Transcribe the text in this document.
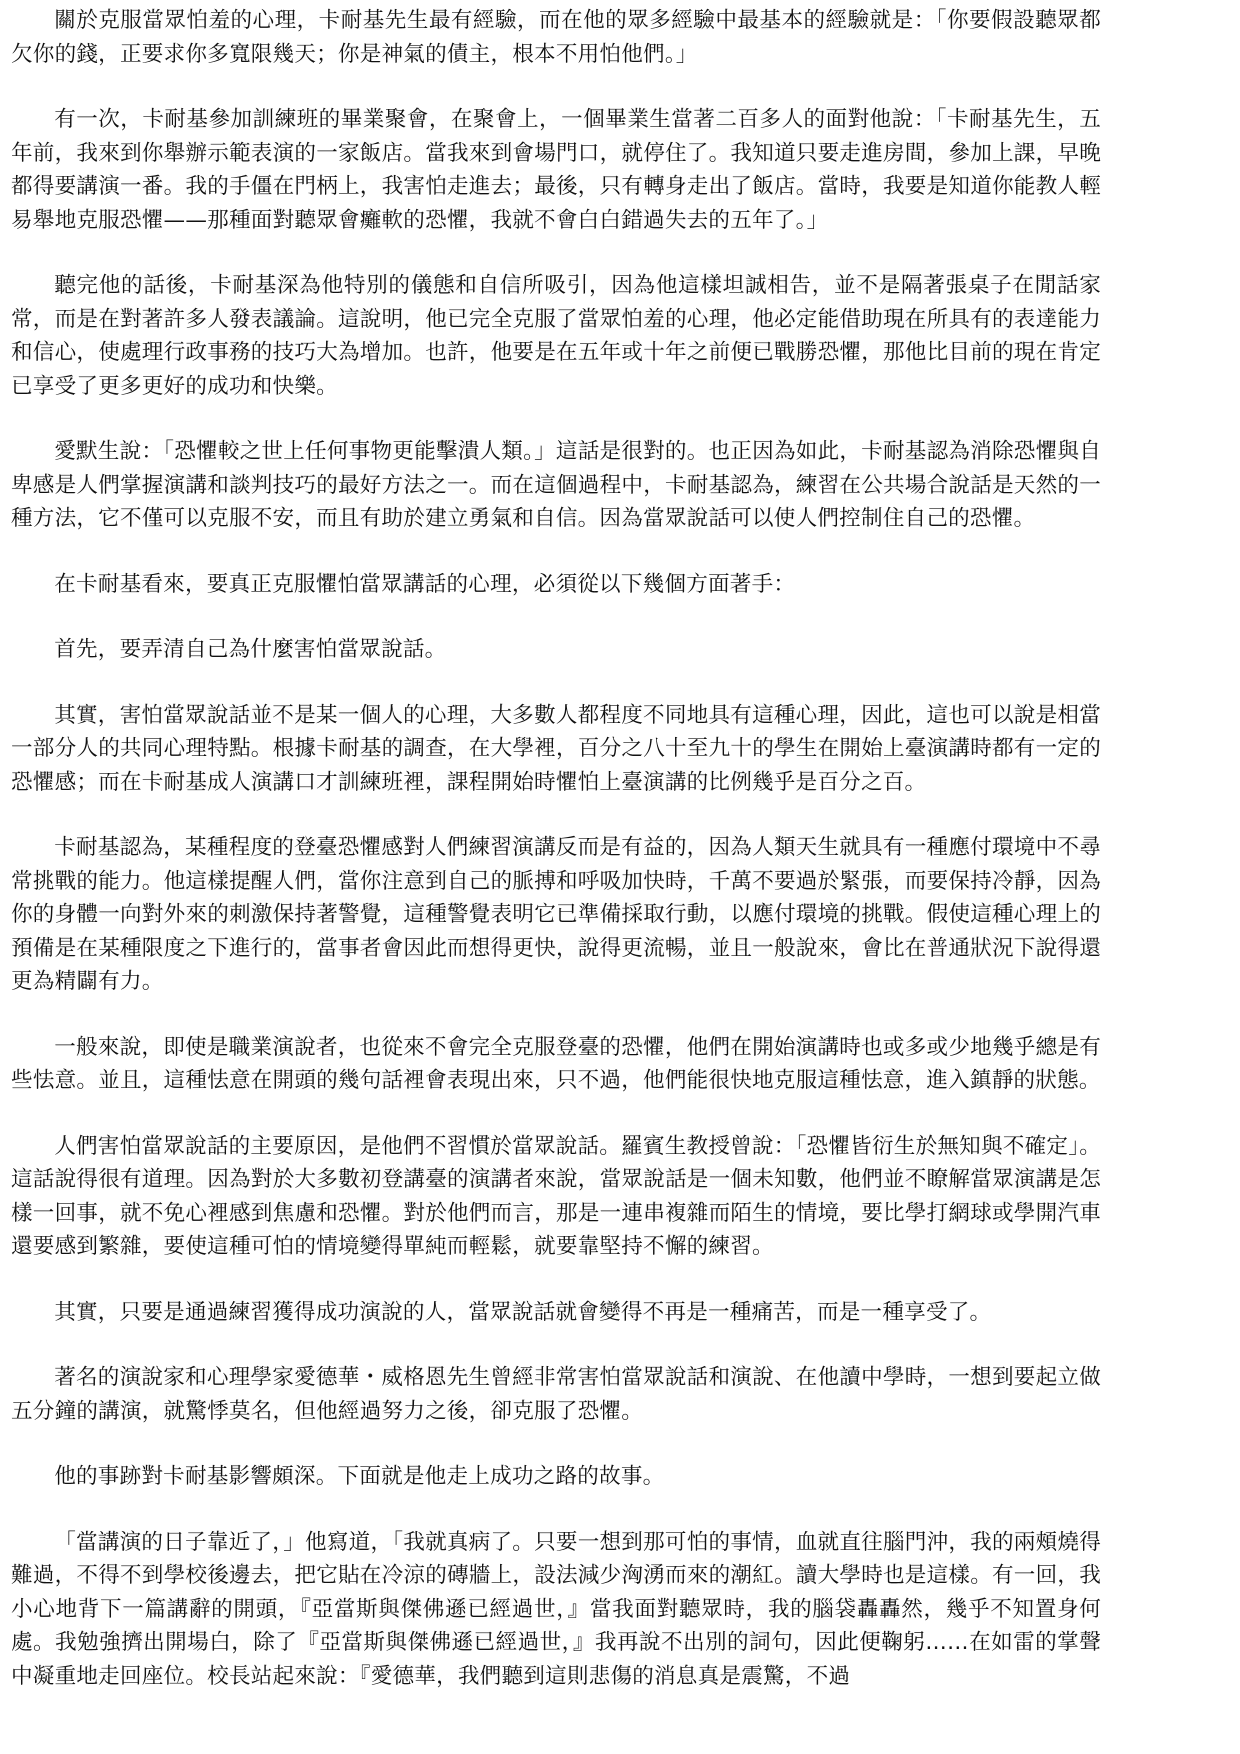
關於克服當眾怕羞的心理，卡耐基先生最有經驗，而在他的眾多經驗中最基本的經驗就是：「你要假設聽眾都欠你的錢，正要求你多寬限幾天；你是神氣的債主，根本不用怕他們。」

有一次，卡耐基參加訓練班的畢業聚會，在聚會上，一個畢業生當著二百多人的面對他說：「卡耐基先生，五年前，我來到你舉辦示範表演的一家飯店。當我來到會場門口，就停住了。我知道只要走進房間，參加上課，早晚都得要講演一番。我的手僵在門柄上，我害怕走進去；最後，只有轉身走出了飯店。當時，我要是知道你能教人輕易舉地克服恐懼——那種面對聽眾會癱軟的恐懼，我就不會白白錯過失去的五年了。」

聽完他的話後，卡耐基深為他特別的儀態和自信所吸引，因為他這樣坦誠相告，並不是隔著張桌子在閒話家常，而是在對著許多人發表議論。這說明，他已完全克服了當眾怕羞的心理，他必定能借助現在所具有的表達能力和信心，使處理行政事務的技巧大為增加。也許，他要是在五年或十年之前便已戰勝恐懼，那他比目前的現在肯定已享受了更多更好的成功和快樂。

愛默生說：「恐懼較之世上任何事物更能擊潰人類。」這話是很對的。也正因為如此，卡耐基認為消除恐懼與自卑感是人們掌握演講和談判技巧的最好方法之一。而在這個過程中，卡耐基認為，練習在公共場合說話是天然的一種方法，它不僅可以克服不安，而且有助於建立勇氣和自信。因為當眾說話可以使人們控制住自己的恐懼。

在卡耐基看來，要真正克服懼怕當眾講話的心理，必須從以下幾個方面著手：

首先，要弄清自己為什麼害怕當眾說話。

其實，害怕當眾說話並不是某一個人的心理，大多數人都程度不同地具有這種心理，因此，這也可以說是相當一部分人的共同心理特點。根據卡耐基的調查，在大學裡，百分之八十至九十的學生在開始上臺演講時都有一定的恐懼感；而在卡耐基成人演講口才訓練班裡，課程開始時懼怕上臺演講的比例幾乎是百分之百。

卡耐基認為，某種程度的登臺恐懼感對人們練習演講反而是有益的，因為人類天生就具有一種應付環境中不尋常挑戰的能力。他這樣提醒人們，當你注意到自己的脈搏和呼吸加快時，千萬不要過於緊張，而要保持冷靜，因為你的身體一向對外來的刺激保持著警覺，這種警覺表明它已準備採取行動，以應付環境的挑戰。假使這種心理上的預備是在某種限度之下進行的，當事者會因此而想得更快，說得更流暢，並且一般說來，會比在普通狀況下說得還更為精闢有力。

一般來說，即使是職業演說者，也從來不會完全克服登臺的恐懼，他們在開始演講時也或多或少地幾乎總是有些怯意。並且，這種怯意在開頭的幾句話裡會表現出來，只不過，他們能很快地克服這種怯意，進入鎮靜的狀態。

人們害怕當眾說話的主要原因，是他們不習慣於當眾說話。羅賓生教授曾說：「恐懼皆衍生於無知與不確定」。這話說得很有道理。因為對於大多數初登講臺的演講者來說，當眾說話是一個未知數，他們並不瞭解當眾演講是怎樣一回事，就不免心裡感到焦慮和恐懼。對於他們而言，那是一連串複雜而陌生的情境，要比學打網球或學開汽車還要感到繁雜，要使這種可怕的情境變得單純而輕鬆，就要靠堅持不懈的練習。

其實，只要是通過練習獲得成功演說的人，當眾說話就會變得不再是一種痛苦，而是一種享受了。

著名的演說家和心理學家愛德華・威格恩先生曾經非常害怕當眾說話和演說、在他讀中學時，一想到要起立做五分鐘的講演，就驚悸莫名，但他經過努力之後，卻克服了恐懼。

他的事跡對卡耐基影響頗深。下面就是他走上成功之路的故事。

「當講演的日子靠近了，」他寫道，「我就真病了。只要一想到那可怕的事情，血就直往腦門沖，我的兩頰燒得難過，不得不到學校後邊去，把它貼在冷涼的磚牆上，設法減少洶湧而來的潮紅。讀大學時也是這樣。有一回，我小心地背下一篇講辭的開頭，『亞當斯與傑佛遜已經過世，』當我面對聽眾時，我的腦袋轟轟然，幾乎不知置身何處。我勉強擠出開場白，除了『亞當斯與傑佛遜已經過世，』我再說不出別的詞句，因此便鞠躬……在如雷的掌聲中凝重地走回座位。校長站起來說：『愛德華，我們聽到這則悲傷的消息真是震驚，不過
